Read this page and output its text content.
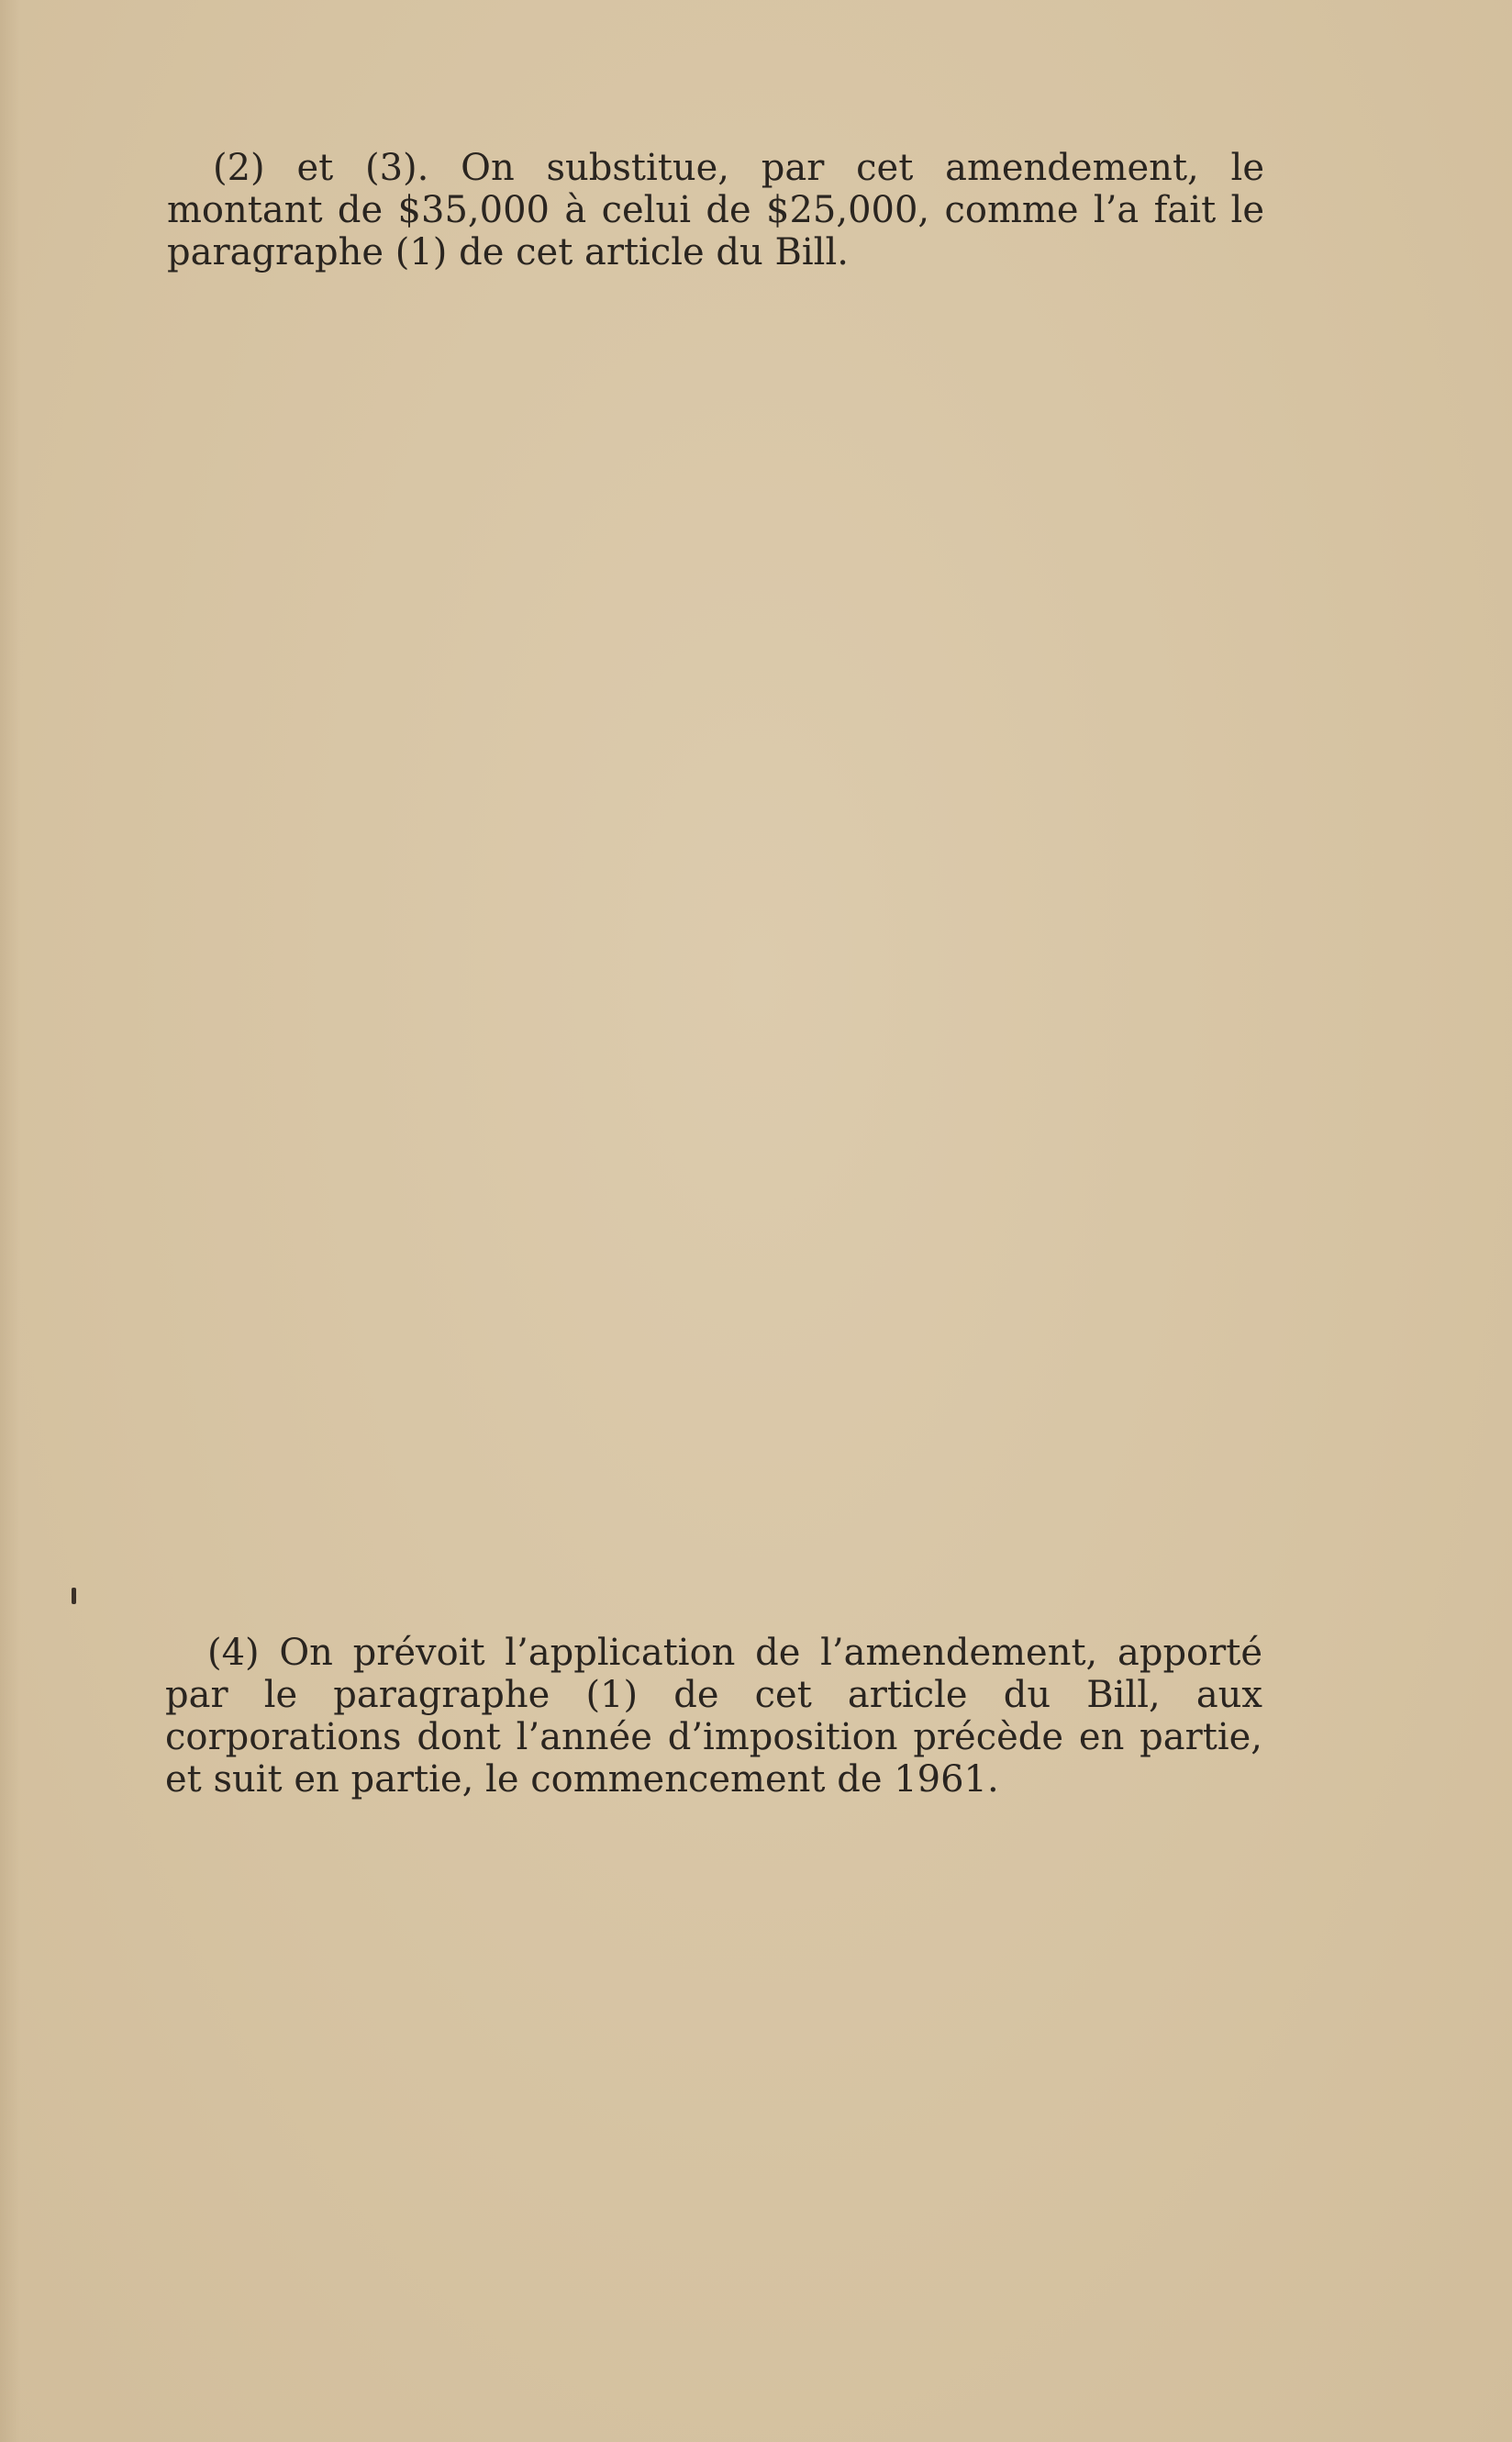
(2) et (3). On substitue, par cet amendement, le montant de $35,000 à celui de $25,000, comme l’a fait le paragraphe (1) de cet article du Bill.

(4) On prévoit l’application de l’amendement, apporté par le paragraphe (1) de cet article du Bill, aux corporations dont l’année d’imposition précède en partie, et suit en partie, le commencement de 1961.
